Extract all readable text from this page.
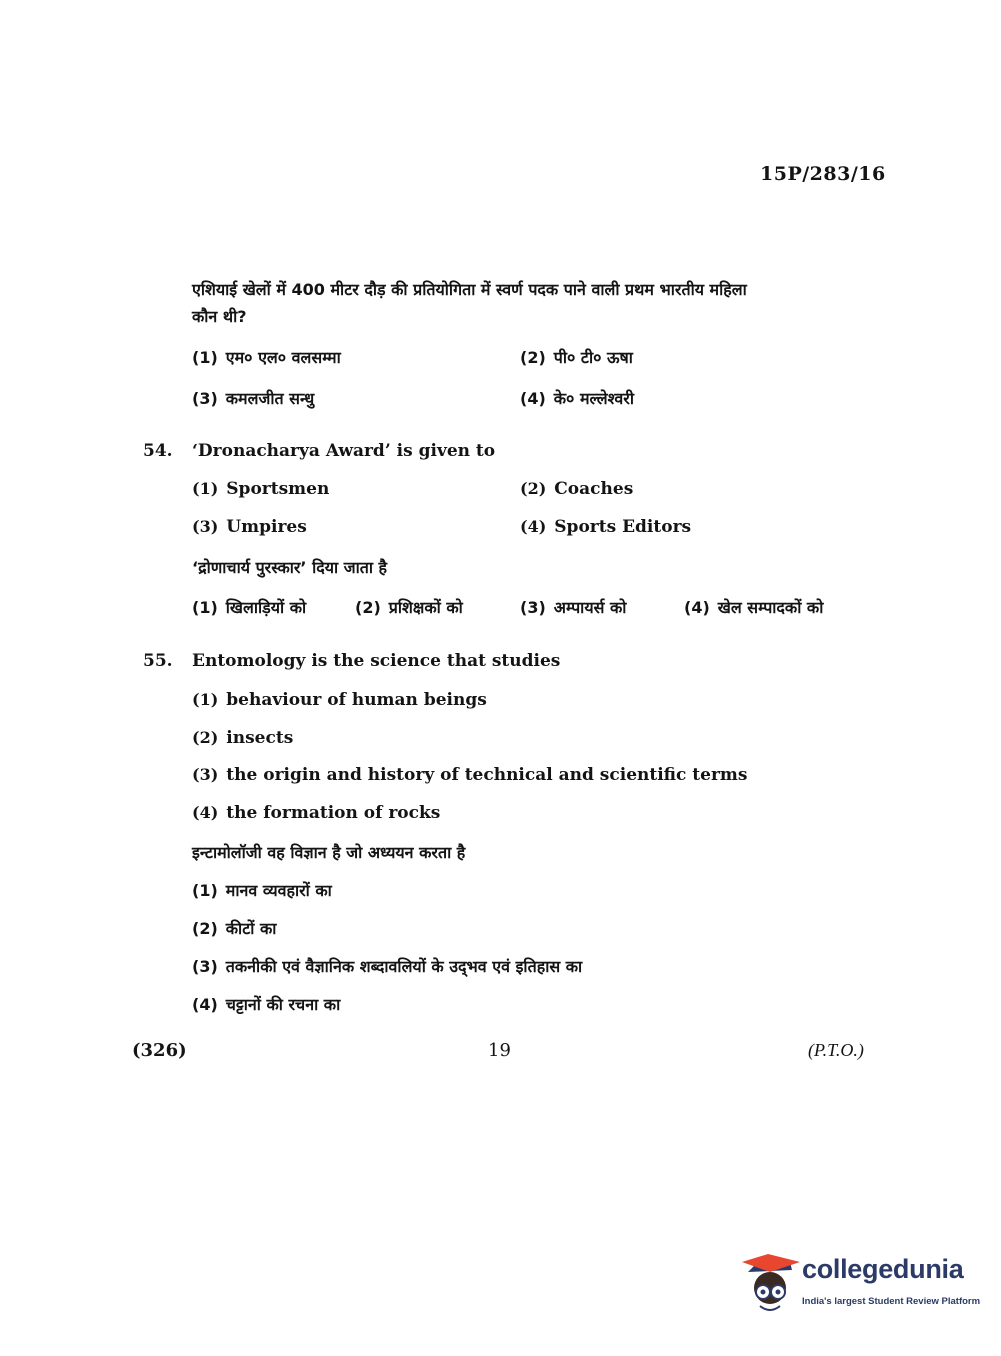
15P/283/16
एशियाई खेलों में 400 मीटर दौड़ की प्रतियोगिता में स्वर्ण पदक पाने वाली प्रथम भारतीय महिला
कौन थी?
(1) एम० एल० वलसम्मा	(2) पी० टी० ऊषा
(3) कमलजीत सन्धु	(4) के० मल्लेश्वरी
54. ‘Dronacharya Award’ is given to
(1) Sportsmen	(2) Coaches
(3) Umpires	(4) Sports Editors
‘द्रोणाचार्य पुरस्कार’ दिया जाता है
(1) खिलाड़ियों को	(2) प्रशिक्षकों को	(3) अम्पायर्स को	(4) खेल सम्पादकों को
55. Entomology is the science that studies
(1) behaviour of human beings
(2) insects
(3) the origin and history of technical and scientific terms
(4) the formation of rocks
इन्टामोलॉजी वह विज्ञान है जो अध्ययन करता है
(1) मानव व्यवहारों का
(2) कीटों का
(3) तकनीकी एवं वैज्ञानिक शब्दावलियों के उद्‌भव एवं इतिहास का
(4) चट्टानों की रचना का
(326)	19	(P.T.O.)
collegedunia
India's largest Student Review Platform
